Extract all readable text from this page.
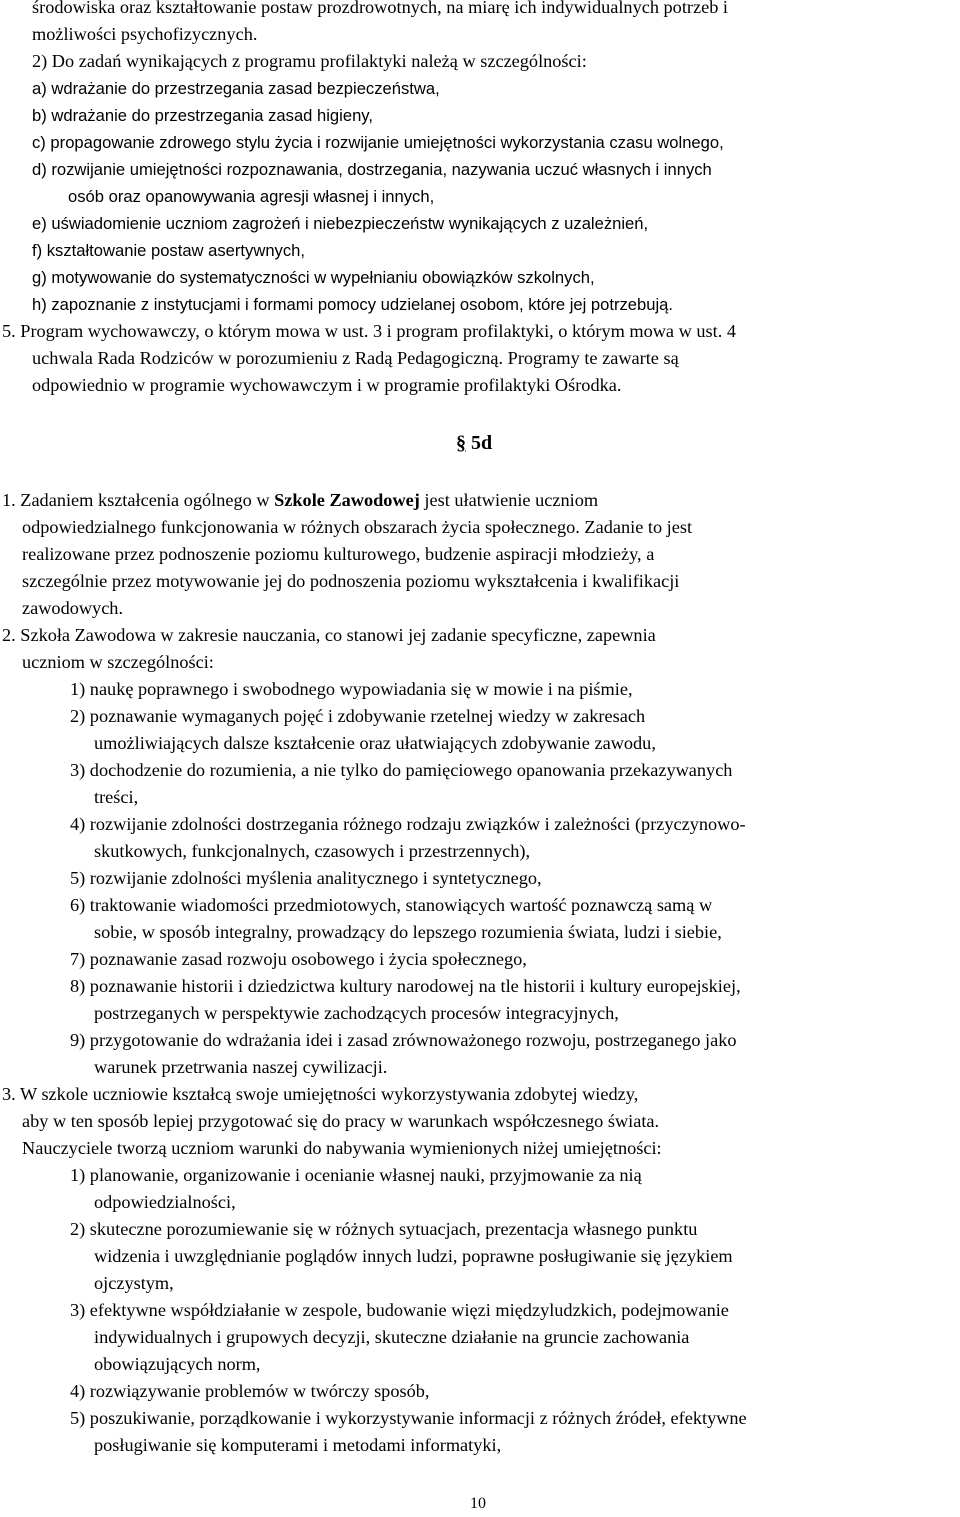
środowiska oraz kształtowanie postaw prozdrowotnych, na miarę ich indywidualnych potrzeb i
możliwości psychofizycznych.
2) Do zadań wynikających z programu profilaktyki należą w szczególności:
a) wdrażanie do przestrzegania zasad bezpieczeństwa,
b) wdrażanie do przestrzegania zasad higieny,
c) propagowanie zdrowego stylu życia i rozwijanie umiejętności wykorzystania czasu wolnego,
d) rozwijanie umiejętności rozpoznawania, dostrzegania, nazywania uczuć własnych i innych
osób oraz opanowywania agresji własnej i innych,
e) uświadomienie uczniom zagrożeń i niebezpieczeństw wynikających z uzależnień,
f) kształtowanie postaw asertywnych,
g) motywowanie do systematyczności w wypełnianiu obowiązków szkolnych,
h) zapoznanie z instytucjami i formami pomocy udzielanej osobom, które jej potrzebują.
5. Program wychowawczy, o którym mowa w ust. 3 i program profilaktyki, o którym mowa w ust. 4
uchwala Rada Rodziców w porozumieniu z Radą Pedagogiczną. Programy te zawarte są
odpowiednio w programie wychowawczym i w programie profilaktyki Ośrodka.
§ 5d
1. Zadaniem kształcenia ogólnego w Szkole Zawodowej jest ułatwienie uczniom
odpowiedzialnego funkcjonowania w różnych obszarach życia społecznego. Zadanie to jest
realizowane przez podnoszenie poziomu kulturowego, budzenie aspiracji młodzieży, a
szczególnie przez motywowanie jej do podnoszenia poziomu wykształcenia i kwalifikacji
zawodowych.
2. Szkoła Zawodowa w zakresie nauczania, co stanowi jej zadanie specyficzne, zapewnia
uczniom w szczególności:
1) naukę poprawnego i swobodnego wypowiadania się w mowie i na piśmie,
2) poznawanie wymaganych pojęć i zdobywanie rzetelnej wiedzy w zakresach
umożliwiających dalsze kształcenie oraz ułatwiających zdobywanie zawodu,
3) dochodzenie do rozumienia, a nie tylko do pamięciowego opanowania przekazywanych
treści,
4) rozwijanie zdolności dostrzegania różnego rodzaju związków i zależności (przyczynowo-
skutkowych, funkcjonalnych, czasowych i przestrzennych),
5) rozwijanie zdolności myślenia analitycznego i syntetycznego,
6) traktowanie wiadomości przedmiotowych, stanowiących wartość poznawczą samą w
sobie, w sposób integralny, prowadzący do lepszego rozumienia świata, ludzi i siebie,
7) poznawanie zasad rozwoju osobowego i życia społecznego,
8) poznawanie historii i dziedzictwa kultury narodowej na tle historii i kultury europejskiej,
postrzeganych w perspektywie zachodzących procesów integracyjnych,
9) przygotowanie do wdrażania idei i zasad zrównoważonego rozwoju, postrzeganego jako
warunek przetrwania naszej cywilizacji.
3. W szkole uczniowie kształcą swoje umiejętności wykorzystywania zdobytej wiedzy,
aby w ten sposób lepiej przygotować się do pracy w warunkach współczesnego świata.
Nauczyciele tworzą uczniom warunki do nabywania wymienionych niżej umiejętności:
1) planowanie, organizowanie i ocenianie własnej nauki, przyjmowanie za nią
odpowiedzialności,
2) skuteczne porozumiewanie się w różnych sytuacjach, prezentacja własnego punktu
widzenia i uwzględnianie poglądów innych ludzi, poprawne posługiwanie się językiem
ojczystym,
3) efektywne współdziałanie w zespole, budowanie więzi międzyludzkich, podejmowanie
indywidualnych i grupowych decyzji, skuteczne działanie na gruncie zachowania
obowiązujących norm,
4) rozwiązywanie problemów w twórczy sposób,
5) poszukiwanie, porządkowanie i wykorzystywanie informacji z różnych źródeł, efektywne
posługiwanie się komputerami i metodami informatyki,
10
